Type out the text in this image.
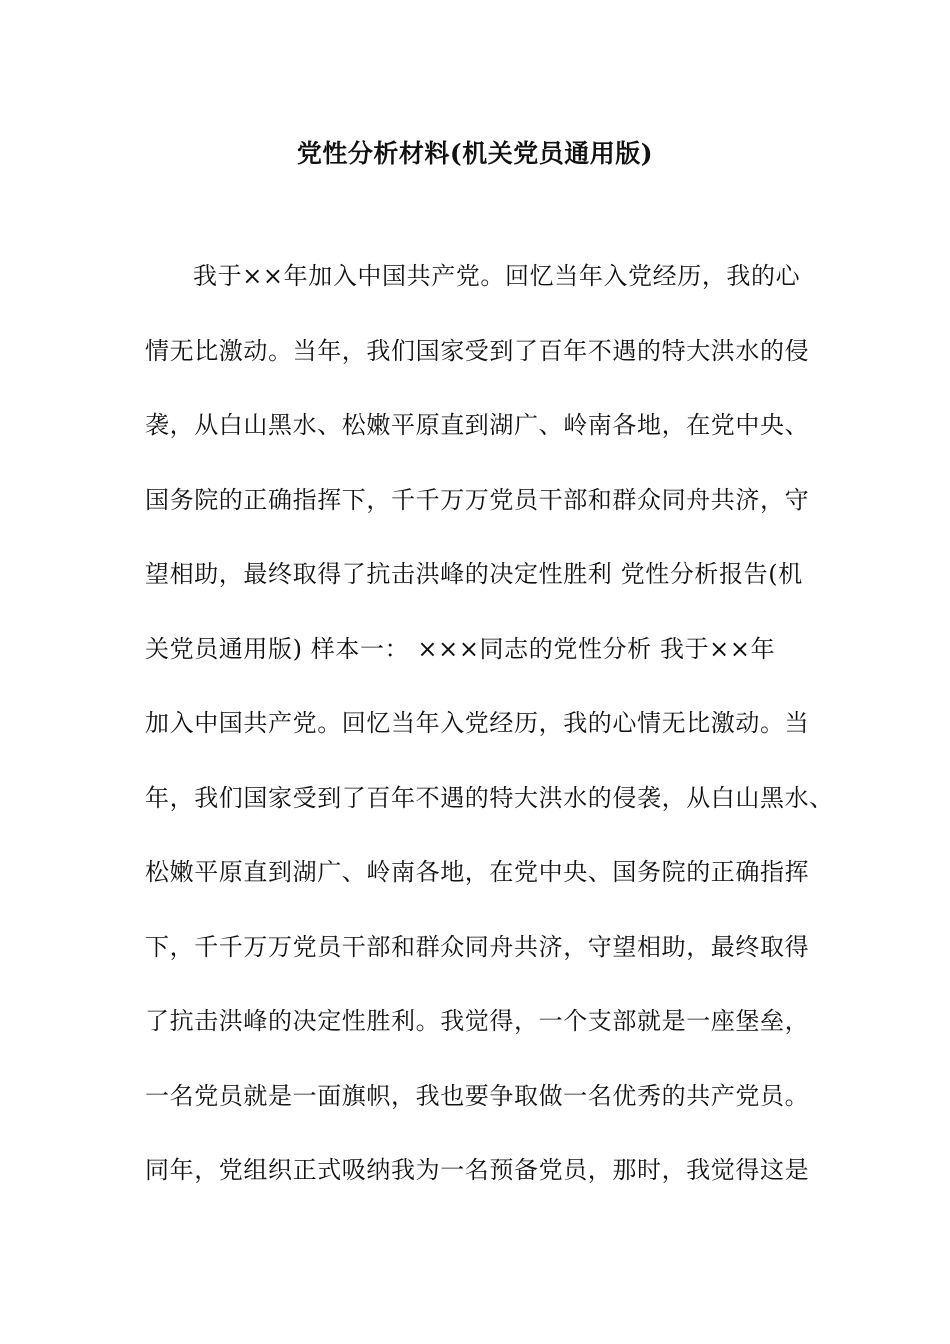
党性分析材料(机关党员通用版)
我于××年加入中国共产党。回忆当年入党经历，我的心
情无比激动。当年，我们国家受到了百年不遇的特大洪水的侵
袭，从白山黑水、松嫩平原直到湖广、岭南各地，在党中央、
国务院的正确指挥下，千千万万党员干部和群众同舟共济，守
望相助，最终取得了抗击洪峰的决定性胜利 党性分析报告(机
关党员通用版) 样本一： ×××同志的党性分析 我于××年
加入中国共产党。回忆当年入党经历，我的心情无比激动。当
年，我们国家受到了百年不遇的特大洪水的侵袭，从白山黑水、
松嫩平原直到湖广、岭南各地，在党中央、国务院的正确指挥
下，千千万万党员干部和群众同舟共济，守望相助，最终取得
了抗击洪峰的决定性胜利。我觉得，一个支部就是一座堡垒，
一名党员就是一面旗帜，我也要争取做一名优秀的共产党员。
同年，党组织正式吸纳我为一名预备党员，那时，我觉得这是
